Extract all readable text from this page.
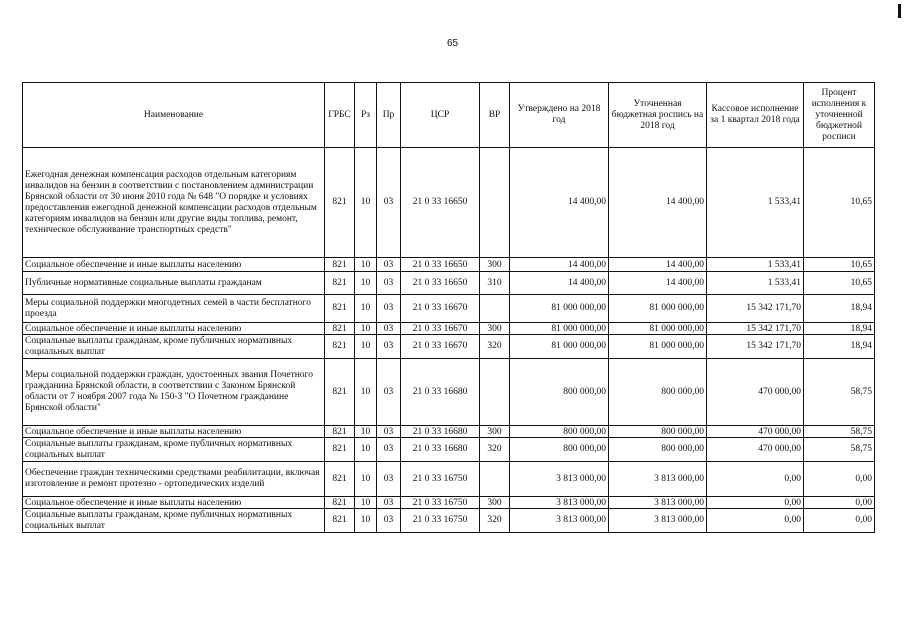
65
Наименование	ГРБС	Рз	Пр	ЦСР	ВР	Утверждено на 2018 год	Уточненная бюджетная роспись на 2018 год	Кассовое исполнение за 1 квартал 2018 года	Процент исполнения к уточненной бюджетной росписи
Ежегодная денежная компенсация расходов отдельным категориям инвалидов на бензин в соответствии с постановлением администрации Брянской области от 30 июня 2010 года № 648 "О порядке и условиях предоставления ежегодной денежной компенсации расходов отдельным категориям инвалидов на бензин или другие виды топлива, ремонт, техническое обслуживание транспортных средств"	821	10	03	21 0 33 16650		14 400,00	14 400,00	1 533,41	10,65
Социальное обеспечение и иные выплаты населению	821	10	03	21 0 33 16650	300	14 400,00	14 400,00	1 533,41	10,65
Публичные нормативные социальные выплаты гражданам	821	10	03	21 0 33 16650	310	14 400,00	14 400,00	1 533,41	10,65
Меры социальной поддержки многодетных семей в части бесплатного проезда	821	10	03	21 0 33 16670		81 000 000,00	81 000 000,00	15 342 171,70	18,94
Социальное обеспечение и иные выплаты населению	821	10	03	21 0 33 16670	300	81 000 000,00	81 000 000,00	15 342 171,70	18,94
Социальные выплаты гражданам, кроме публичных нормативных социальных выплат	821	10	03	21 0 33 16670	320	81 000 000,00	81 000 000,00	15 342 171,70	18,94
Меры социальной поддержки граждан, удостоенных звания Почетного гражданина Брянской области, в соответствии с Законом Брянской области от 7 ноября 2007 года № 150-З "О Почетном гражданине Брянской области"	821	10	03	21 0 33 16680		800 000,00	800 000,00	470 000,00	58,75
Социальное обеспечение и иные выплаты населению	821	10	03	21 0 33 16680	300	800 000,00	800 000,00	470 000,00	58,75
Социальные выплаты гражданам, кроме публичных нормативных социальных выплат	821	10	03	21 0 33 16680	320	800 000,00	800 000,00	470 000,00	58,75
Обеспечение граждан техническими средствами реабилитации, включая изготовление и ремонт протезно - ортопедических изделий	821	10	03	21 0 33 16750		3 813 000,00	3 813 000,00	0,00	0,00
Социальное обеспечение и иные выплаты населению	821	10	03	21 0 33 16750	300	3 813 000,00	3 813 000,00	0,00	0,00
Социальные выплаты гражданам, кроме публичных нормативных социальных выплат	821	10	03	21 0 33 16750	320	3 813 000,00	3 813 000,00	0,00	0,00
